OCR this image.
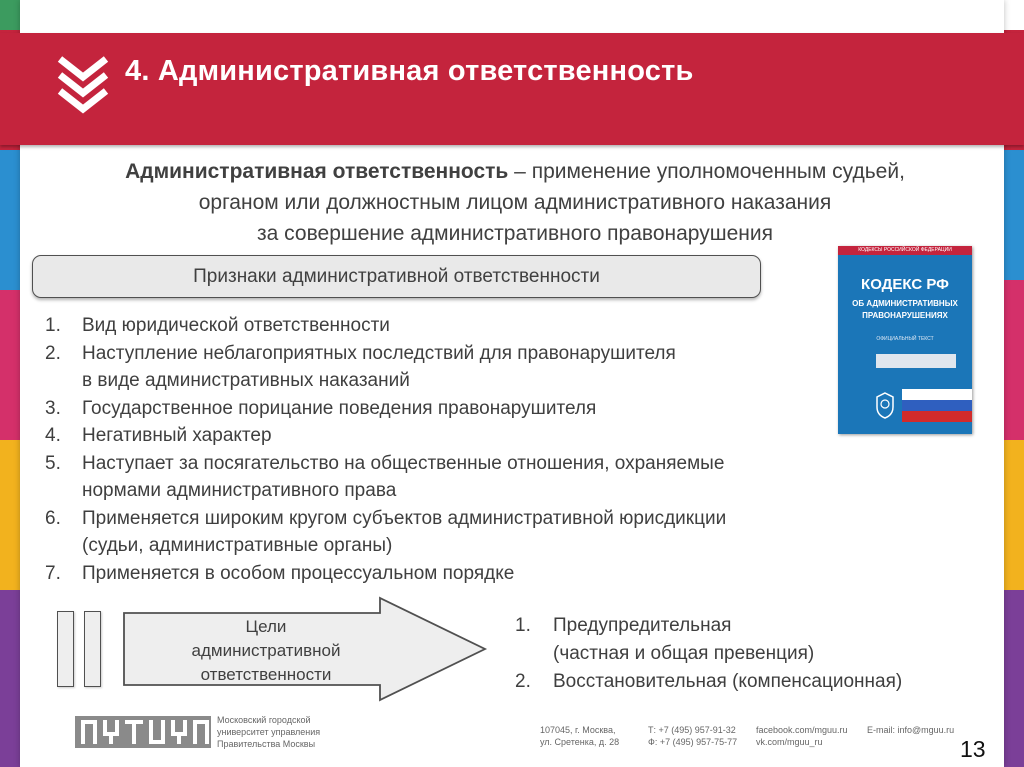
4. Административная ответственность
Административная ответственность – применение уполномоченным судьей,
органом или должностным лицом административного наказания
за совершение административного правонарушения
Признаки административной ответственности
КОДЕКСЫ РОССИЙСКОЙ ФЕДЕРАЦИИ
КОДЕКС РФ
ОБ АДМИНИСТРАТИВНЫХ
ПРАВОНАРУШЕНИЯХ
ОФИЦИАЛЬНЫЙ ТЕКСТ
1.	Вид юридической ответственности
2.	Наступление неблагоприятных последствий для правонарушителя
в виде административных наказаний
3.	Государственное порицание поведения правонарушителя
4.	Негативный характер
5.	Наступает за посягательство на общественные отношения, охраняемые
нормами административного права
6.	Применяется широким кругом субъектов административной юрисдикции
(судьи, административные органы)
7.	Применяется в особом процессуальном порядке
Цели
административной
ответственности
1.	Предупредительная
(частная и общая превенция)
2.	Восстановительная (компенсационная)
Московский городской
университет управления
Правительства Москвы
107045, г. Москва,
ул. Сретенка, д. 28
Т: +7 (495) 957-91-32
Ф: +7 (495) 957-75-77
facebook.com/mguu.ru
vk.com/mguu_ru
E-mail: info@mguu.ru
13
